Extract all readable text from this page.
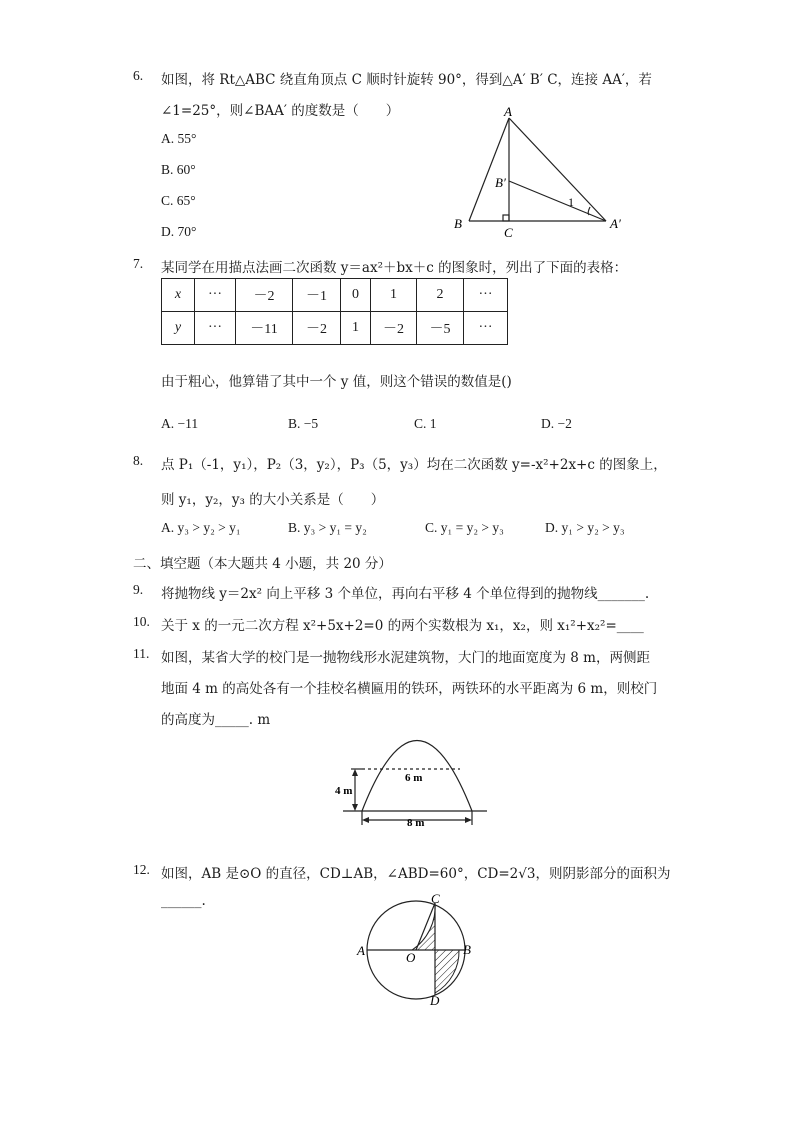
6. 如图，将 Rt△ABC 绕直角顶点 C 顺时针旋转 90°，得到△A′ B′ C，连接 AA′，若
∠1=25°，则∠BAA′ 的度数是（　　）
A. 55°
B. 60°
C. 65°
D. 70°
A
B
C
B′
A′
1
7. 某同学在用描点法画二次函数 y＝ax²＋bx＋c 的图象时，列出了下面的表格：
x	···	－2	－1	0	1	2	···
y	···	－11	－2	1	－2	－5	···
由于粗心，他算错了其中一个 y 值，则这个错误的数值是()
A. −11	B. −5	C. 1	D. −2
8. 点 P₁（-1，y₁），P₂（3，y₂），P₃（5，y₃）均在二次函数 y=-x²+2x+c 的图象上，
则 y₁，y₂，y₃ 的大小关系是（　　）
A. y₃ > y₂ > y₁	B. y₃ > y₁ = y₂	C. y₁ = y₂ > y₃	D. y₁ > y₂ > y₃
二、填空题（本大题共 4 小题，共 20 分）
9. 将抛物线 y＝2x² 向上平移 3 个单位，再向右平移 4 个单位得到的抛物线_______.
10. 关于 x 的一元二次方程 x²+5x+2=0 的两个实数根为 x₁，x₂，则 x₁²+x₂²=____
11. 如图，某省大学的校门是一抛物线形水泥建筑物，大门的地面宽度为 8 m，两侧距
地面 4 m 的高处各有一个挂校名横匾用的铁环，两铁环的水平距离为 6 m，则校门
的高度为_____. m
6 m
8 m
4 m
12. 如图，AB 是⊙O 的直径，CD⊥AB，∠ABD=60°，CD=2√3，则阴影部分的面积为
______.
A	B
C
D
O
